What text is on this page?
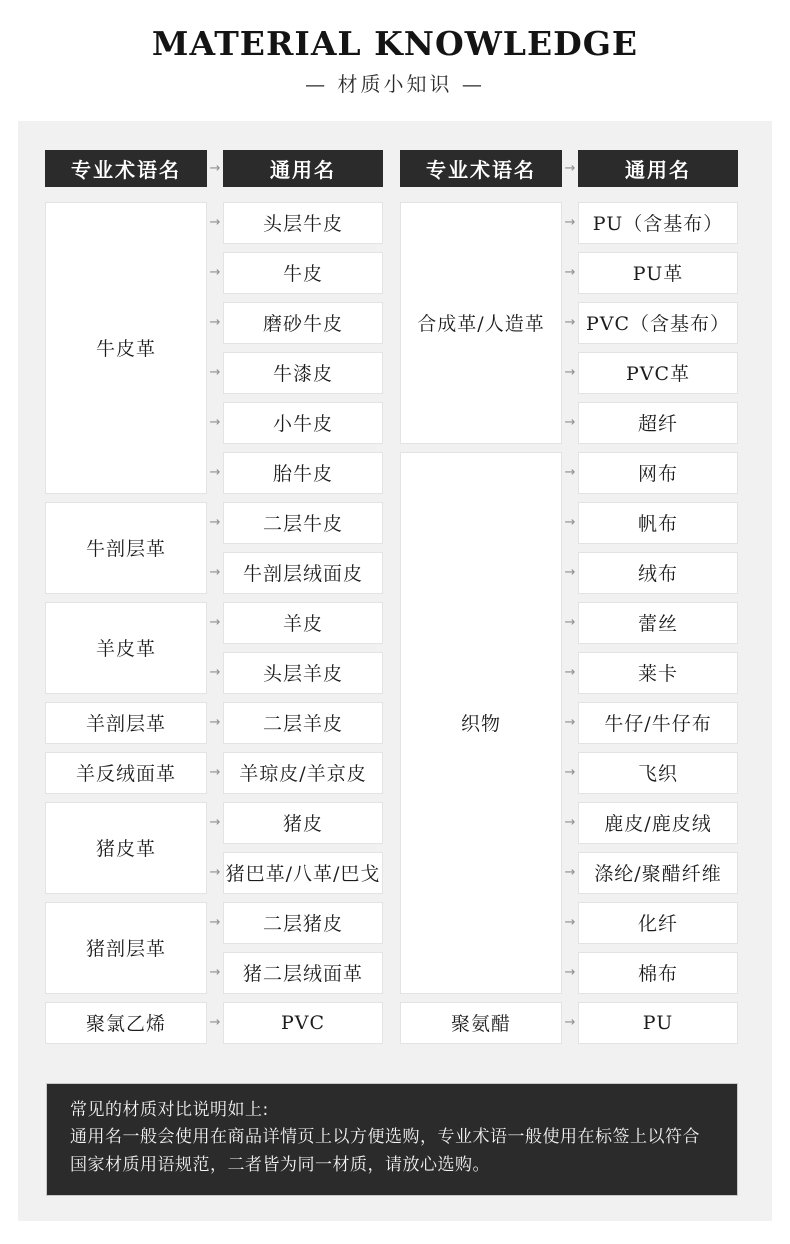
MATERIAL KNOWLEDGE
— 材质小知识 —
专业术语名	→	通用名
牛皮革
→	头层牛皮
→	牛皮
→	磨砂牛皮
→	牛漆皮
→	小牛皮
→	胎牛皮
牛剖层革
→	二层牛皮
→	牛剖层绒面皮
羊皮革
→	羊皮
→	头层羊皮
羊剖层革	→	二层羊皮
羊反绒面革	→ 羊琼皮/羊京皮
猪皮革
→	猪皮
→ 猪巴革/八革/巴戈
猪剖层革
→	二层猪皮
→	猪二层绒面革
聚氯乙烯	→	PVC
专业术语名	→	通用名
合成革/人造革
→ PU（含基布）
→	PU革
→ PVC（含基布）
→	PVC革
→	超纤
织物
→	网布
→	帆布
→	绒布
→	蕾丝
→	莱卡
→	牛仔/牛仔布
→	飞织
→	鹿皮/鹿皮绒
→ 涤纶/聚醋纤维
→	化纤
→	棉布
聚氨醋	→	PU
常见的材质对比说明如上:
通用名一般会使用在商品详情页上以方便选购，专业术语一般使用在标签上以符合国家材质用语规范，二者皆为同一材质，请放心选购。
